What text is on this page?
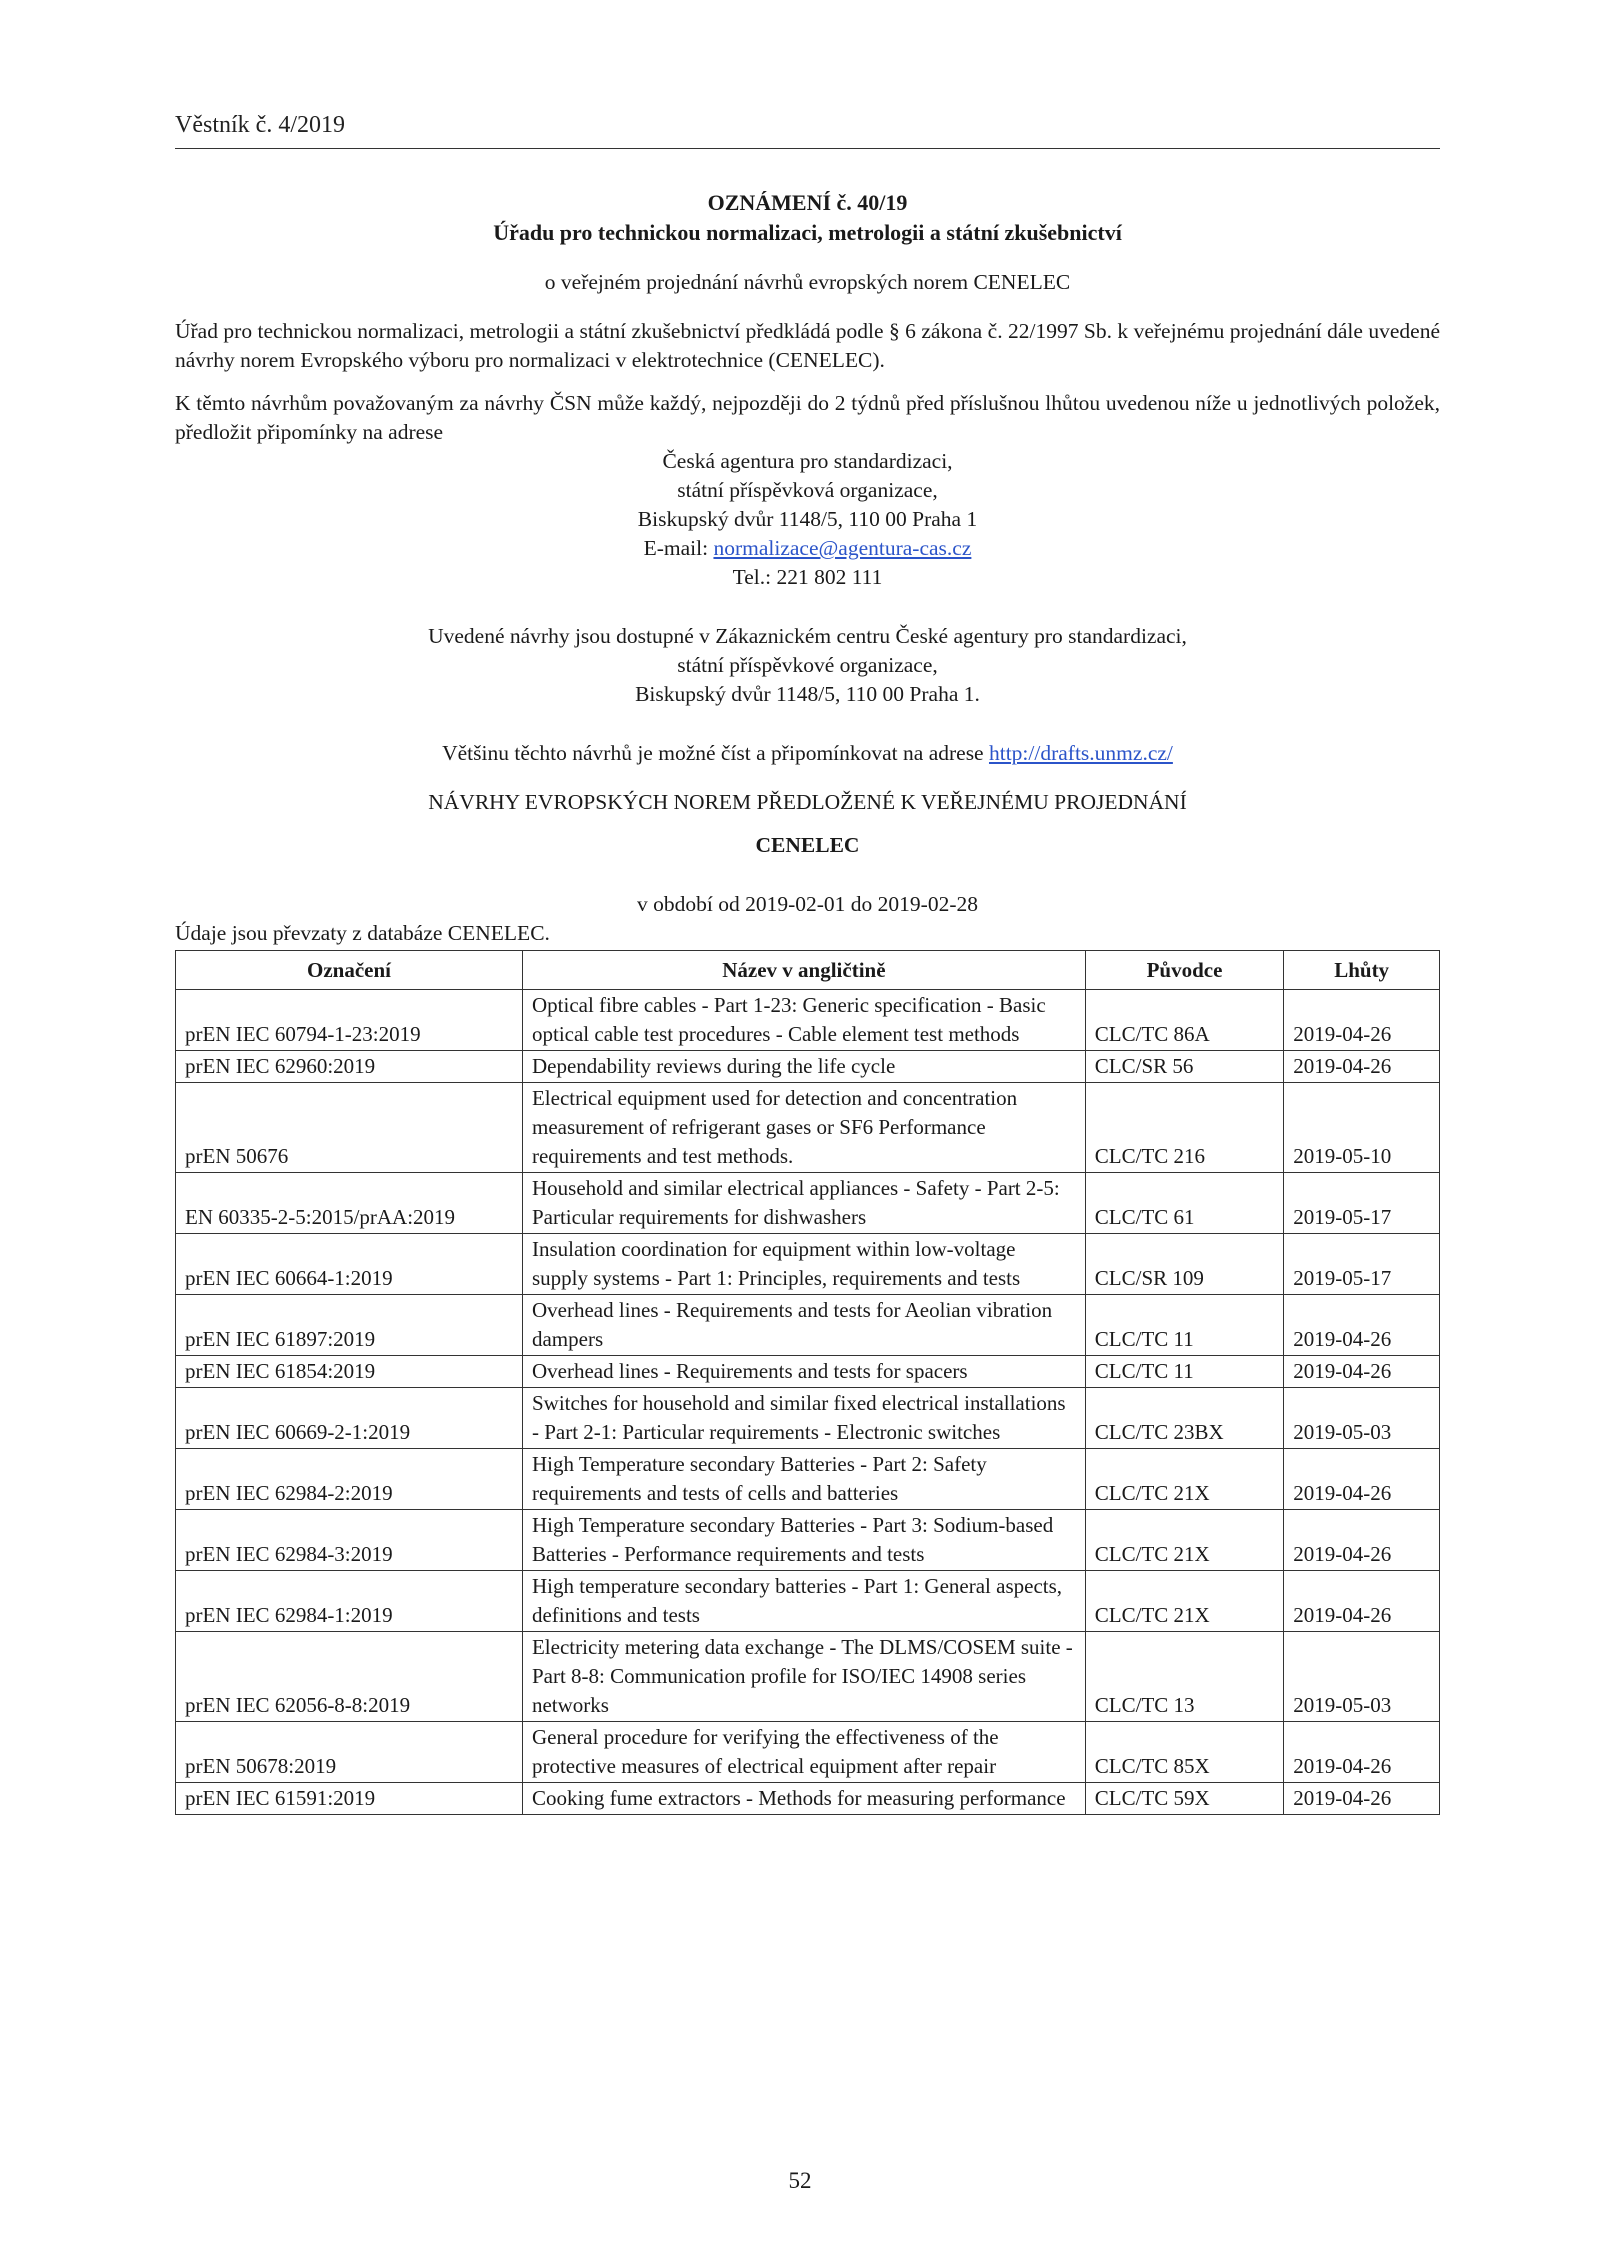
Věstník č. 4/2019
OZNÁMENÍ č. 40/19
Úřadu pro technickou normalizaci, metrologii a státní zkušebnictví
o veřejném projednání návrhů evropských norem CENELEC
Úřad pro technickou normalizaci, metrologii a státní zkušebnictví předkládá podle § 6 zákona č. 22/1997 Sb. k veřejnému projednání dále uvedené návrhy norem Evropského výboru pro normalizaci v elektrotechnice (CENELEC).
K těmto návrhům považovaným za návrhy ČSN může každý, nejpozději do 2 týdnů před příslušnou lhůtou uvedenou níže u jednotlivých položek, předložit připomínky na adrese
Česká agentura pro standardizaci,
státní příspěvková organizace,
Biskupský dvůr 1148/5, 110 00 Praha 1
E-mail: normalizace@agentura-cas.cz
Tel.: 221 802 111
Uvedené návrhy jsou dostupné v Zákaznickém centru České agentury pro standardizaci,
státní příspěvkové organizace,
Biskupský dvůr 1148/5, 110 00 Praha 1.
Většinu těchto návrhů je možné číst a připomínkovat na adrese http://drafts.unmz.cz/
NÁVRHY EVROPSKÝCH NOREM PŘEDLOŽENÉ K VEŘEJNÉMU PROJEDNÁNÍ
CENELEC
v období od 2019-02-01 do 2019-02-28
Údaje jsou převzaty z databáze CENELEC.
Označení	Název v angličtině	Původce	Lhůty
prEN IEC 60794-1-23:2019	Optical fibre cables - Part 1-23: Generic specification - Basic optical cable test procedures - Cable element test methods	CLC/TC 86A	2019-04-26
prEN IEC 62960:2019	Dependability reviews during the life cycle	CLC/SR 56	2019-04-26
prEN 50676	Electrical equipment used for detection and concentration measurement of refrigerant gases or SF6 Performance requirements and test methods.	CLC/TC 216	2019-05-10
EN 60335-2-5:2015/prAA:2019	Household and similar electrical appliances - Safety - Part 2-5: Particular requirements for dishwashers	CLC/TC 61	2019-05-17
prEN IEC 60664-1:2019	Insulation coordination for equipment within low-voltage supply systems - Part 1: Principles, requirements and tests	CLC/SR 109	2019-05-17
prEN IEC 61897:2019	Overhead lines - Requirements and tests for Aeolian vibration dampers	CLC/TC 11	2019-04-26
prEN IEC 61854:2019	Overhead lines - Requirements and tests for spacers	CLC/TC 11	2019-04-26
prEN IEC 60669-2-1:2019	Switches for household and similar fixed electrical installations - Part 2-1: Particular requirements - Electronic switches	CLC/TC 23BX	2019-05-03
prEN IEC 62984-2:2019	High Temperature secondary Batteries - Part 2: Safety requirements and tests of cells and batteries	CLC/TC 21X	2019-04-26
prEN IEC 62984-3:2019	High Temperature secondary Batteries - Part 3: Sodium-based Batteries - Performance requirements and tests	CLC/TC 21X	2019-04-26
prEN IEC 62984-1:2019	High temperature secondary batteries - Part 1: General aspects, definitions and tests	CLC/TC 21X	2019-04-26
prEN IEC 62056-8-8:2019	Electricity metering data exchange - The DLMS/COSEM suite - Part 8-8: Communication profile for ISO/IEC 14908 series networks	CLC/TC 13	2019-05-03
prEN 50678:2019	General procedure for verifying the effectiveness of the protective measures of electrical equipment after repair	CLC/TC 85X	2019-04-26
prEN IEC 61591:2019	Cooking fume extractors - Methods for measuring performance	CLC/TC 59X	2019-04-26
52
